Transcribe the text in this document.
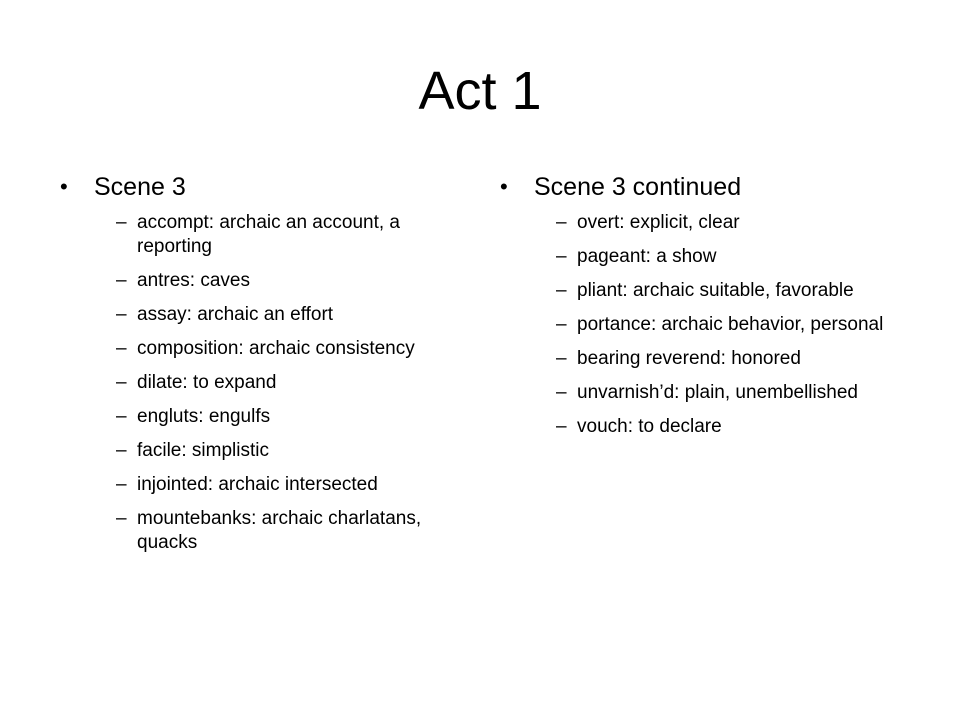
Act 1
• Scene 3
– accompt: archaic an account, a reporting
– antres: caves
– assay: archaic an effort
– composition: archaic consistency
– dilate: to expand
– engluts: engulfs
– facile: simplistic
– injointed: archaic intersected
– mountebanks: archaic charlatans, quacks
• Scene 3 continued
– overt: explicit, clear
– pageant: a show
– pliant: archaic suitable, favorable
– portance: archaic behavior, personal
– bearing reverend: honored
– unvarnish’d: plain, unembellished
– vouch: to declare
